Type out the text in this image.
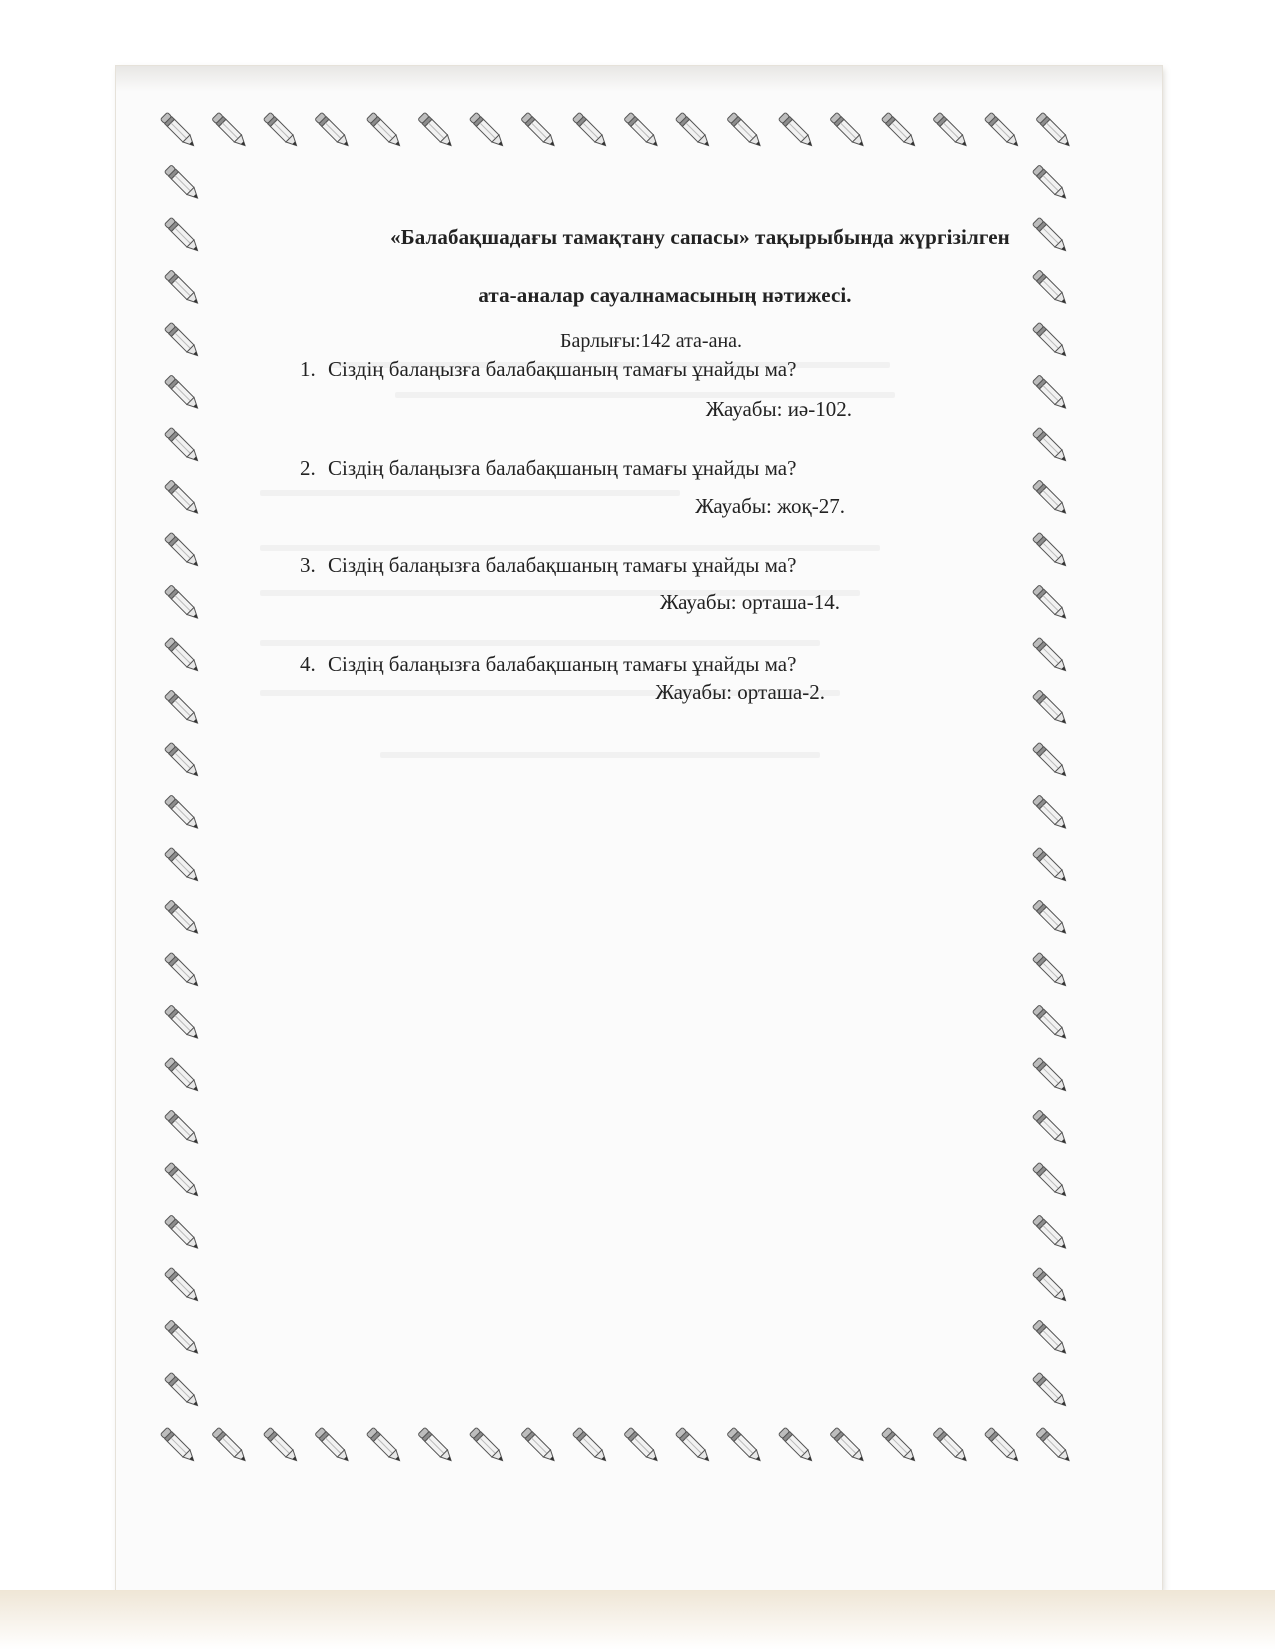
«Балабақшадағы тамақтану сапасы» тақырыбында жүргізілген
ата-аналар сауалнамасының нәтижесі.
Барлығы:142 ата-ана.
1. Сіздің балаңызға балабақшаның тамағы ұнайды ма?
Жауабы: иә-102.
2. Сіздің балаңызға балабақшаның тамағы ұнайды ма?
Жауабы: жоқ-27.
3. Сіздің балаңызға балабақшаның тамағы ұнайды ма?
Жауабы: орташа-14.
4. Сіздің балаңызға балабақшаның тамағы ұнайды ма?
Жауабы: орташа-2.
